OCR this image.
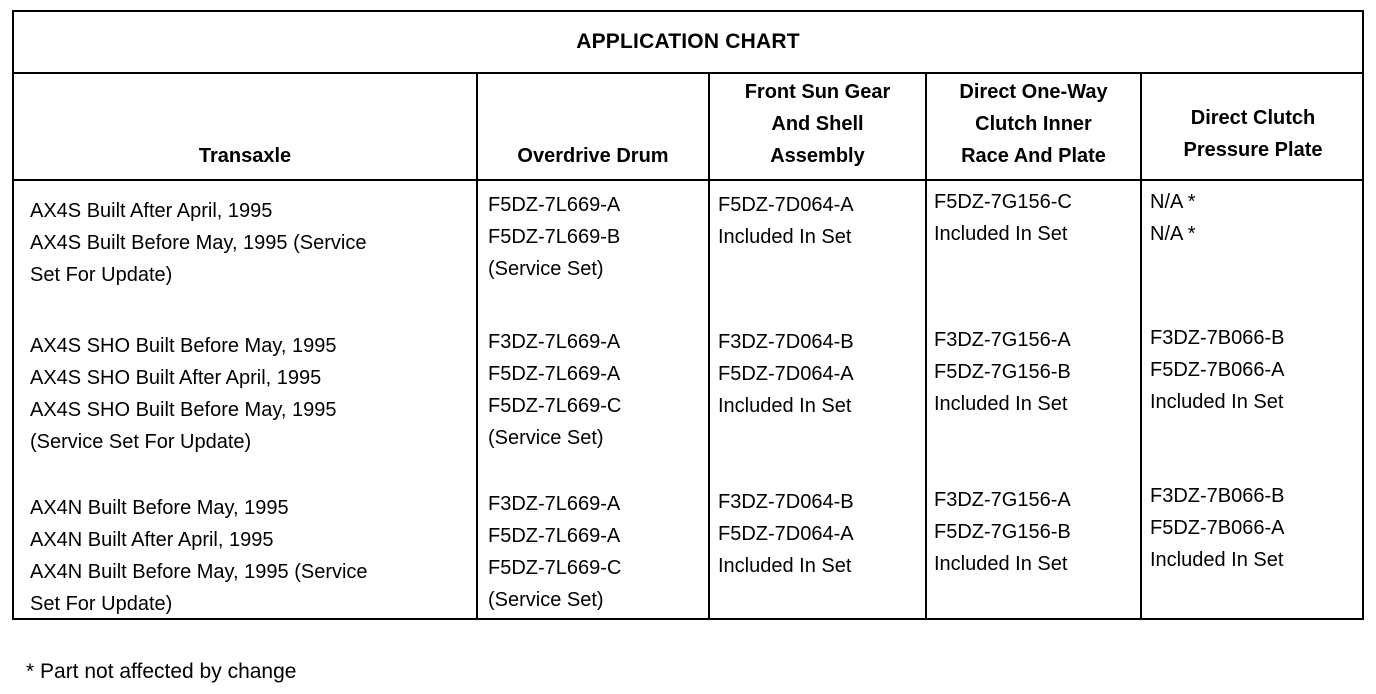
APPLICATION CHART
Transaxle	Overdrive Drum
Front Sun Gear
And Shell
Assembly
Direct One-Way
Clutch Inner
Race And Plate
Direct Clutch
Pressure Plate
AX4S Built After April, 1995
AX4S Built Before May, 1995 (Service
Set For Update)
F5DZ-7L669-A
F5DZ-7L669-B
(Service Set)
F5DZ-7D064-A
Included In Set
F5DZ-7G156-C
Included In Set
N/A *
N/A *
AX4S SHO Built Before May, 1995
AX4S SHO Built After April, 1995
AX4S SHO Built Before May, 1995
(Service Set For Update)
F3DZ-7L669-A
F5DZ-7L669-A
F5DZ-7L669-C
(Service Set)
F3DZ-7D064-B
F5DZ-7D064-A
Included In Set
F3DZ-7G156-A
F5DZ-7G156-B
Included In Set
F3DZ-7B066-B
F5DZ-7B066-A
Included In Set
AX4N Built Before May, 1995
AX4N Built After April, 1995
AX4N Built Before May, 1995 (Service
Set For Update)
F3DZ-7L669-A
F5DZ-7L669-A
F5DZ-7L669-C
(Service Set)
F3DZ-7D064-B
F5DZ-7D064-A
Included In Set
F3DZ-7G156-A
F5DZ-7G156-B
Included In Set
F3DZ-7B066-B
F5DZ-7B066-A
Included In Set
* Part not affected by change
